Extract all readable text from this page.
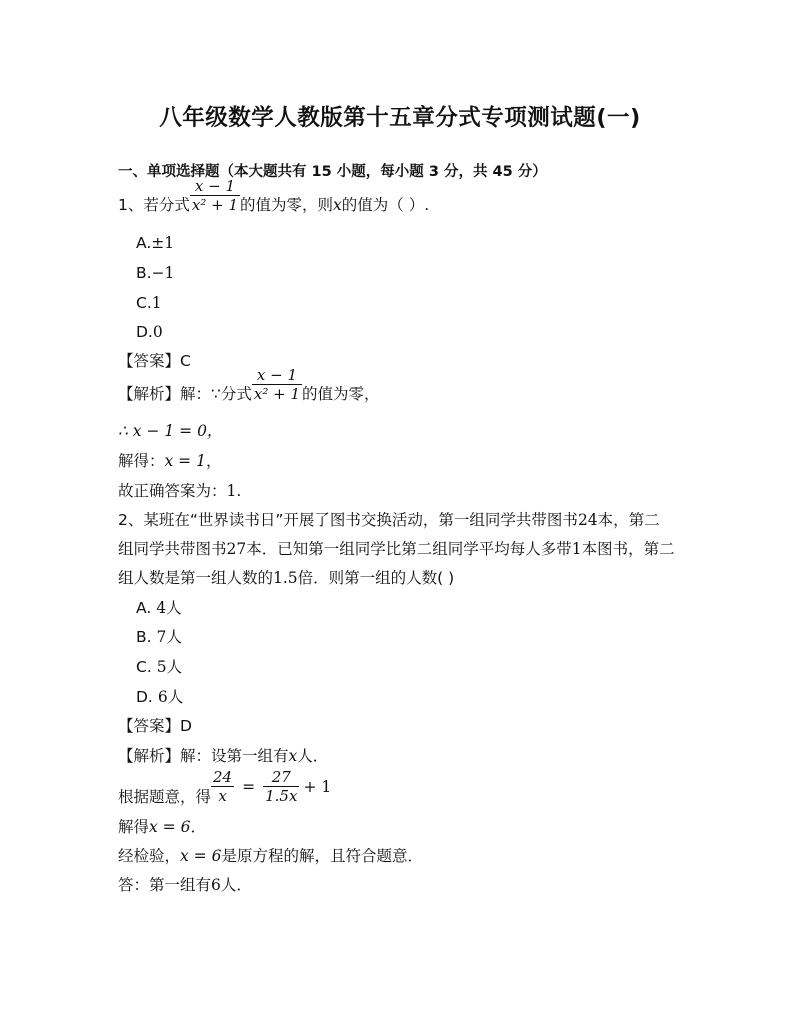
八年级数学人教版第十五章分式专项测试题(一)
一、单项选择题（本大题共有 15 小题，每小题 3 分，共 45 分）
1、若分式 $\frac{x - 1}{\text{x² + 1}}$ 的值为零，则x的值为（ ）.
A.±1
B.−1
C.1
D.0
【答案】C
【解析】解：∵分式 $\frac{x - 1}{\text{x² + 1}}$ 的值为零，
∴ x − 1 = 0，
解得：x = 1，
故正确答案为：1.
2、某班在“世界读书日”开展了图书交换活动，第一组同学共带图书24本，第二
组同学共带图书27本．已知第一组同学比第二组同学平均每人多带1本图书，第二
组人数是第一组人数的1.5倍．则第一组的人数( )
A. 4人
B. 7人
C. 5人
D. 6人
【答案】D
【解析】解：设第一组有x人．
根据题意，得 $\frac{24}{x} = \frac{27}{1.5x} + 1$
解得x = 6．
经检验，x = 6是原方程的解，且符合题意．
答：第一组有6人．
